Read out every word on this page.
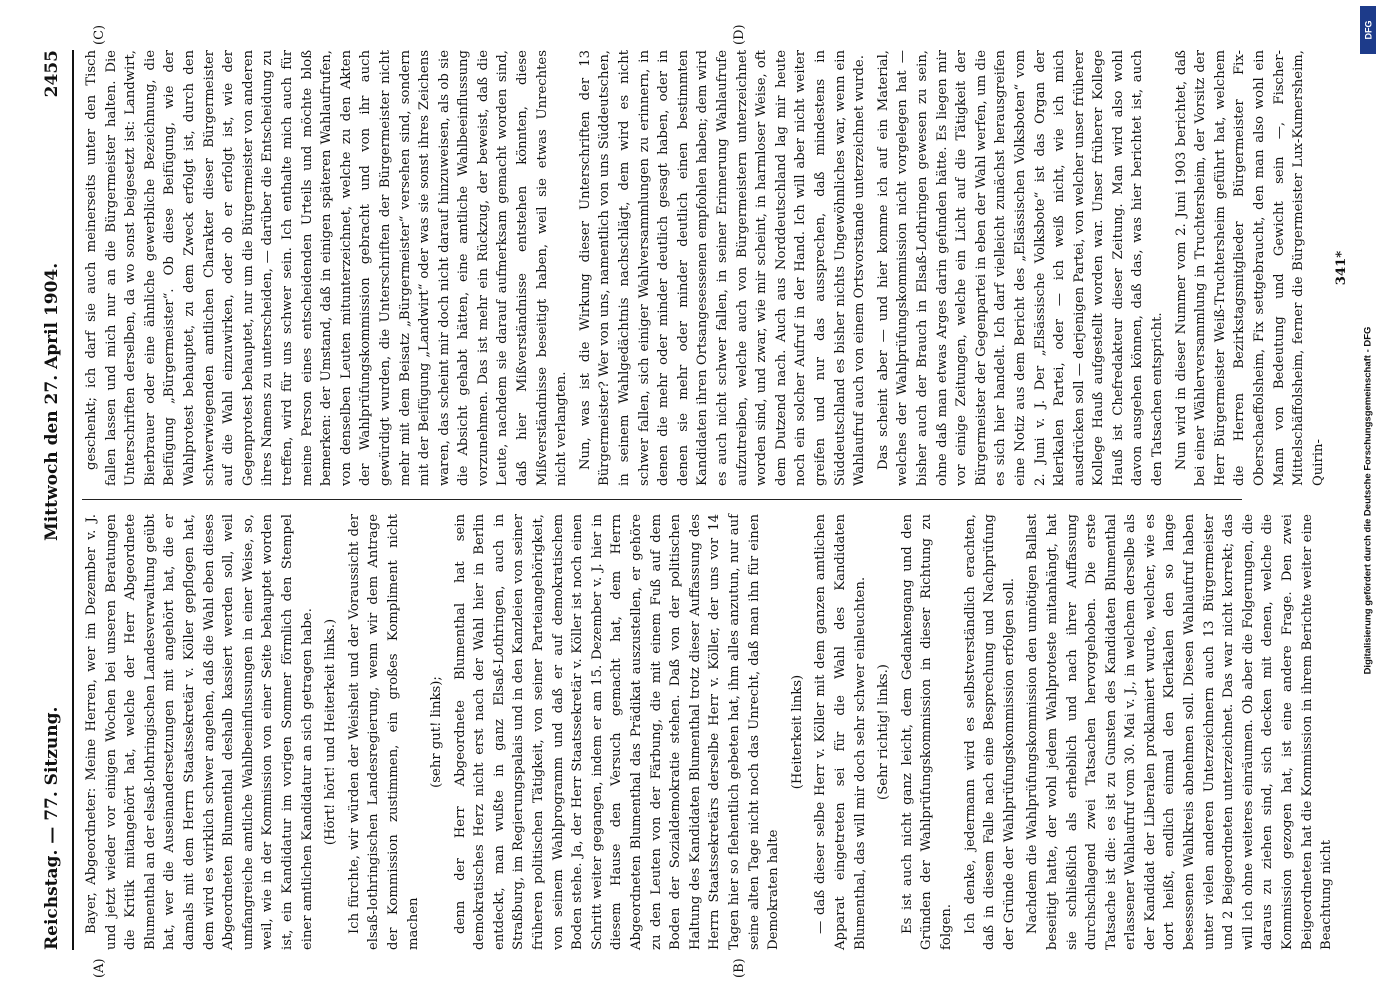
Reichstag. — 77. Sitzung.
Mittwoch den 27. April 1904.
2455

Bayer, Abgeordneter: Meine Herren, wer im Dezember v. J. und jetzt wieder vor einigen Wochen bei unseren Beratungen die Kritik mitangehört hat, welche der Herr Abgeordnete Blumenthal an der elsaß-lothringischen Landesverwaltung geübt hat, wer die Auseinandersetzungen mit angehört hat, die er damals mit dem Herrn Staatssekretär v. Köller gepflogen hat, dem wird es wirklich schwer angehen, daß die Wahl eben dieses Abgeordneten Blumenthal deshalb kassiert werden soll, weil umfangreiche amtliche Wahlbeeinflussungen in einer Weise, so, weil, wie in der Kommission von einer Seite behauptet worden ist, ein Kandidatur im vorigen Sommer förmlich den Stempel einer amtlichen Kandidatur an sich getragen habe. (Hört! hört! und Heiterkeit links.) Ich fürchte, wir würden der Weisheit und der Voraussicht der elsaß-lothringischen Landesregierung, wenn wir dem Antrage der Kommission zustimmen, ein großes Kompliment nicht machen

(sehr gut! links); denn der Herr Abgeordnete Blumenthal hat sein demokratisches Herz nicht erst nach der Wahl hier in Berlin entdeckt, man wußte in ganz Elsaß-Lothringen, auch in Straßburg, im Regierungspalais und in den Kanzleien von seiner früheren politischen Tätigkeit, von seiner Parteiangehörigkeit, von seinem Wahlprogramm und daß er auf demokratischem Boden stehe. Ja, der Herr Staatssekretär v. Köller ist noch einen Schritt weiter gegangen, indem er am 15. Dezember v. J. hier in diesem Hause den Versuch gemacht hat, dem Herrn Abgeordneten Blumenthal das Prädikat auszustellen, er gehöre zu den Leuten von der Färbung, die mit einem Fuß auf dem Boden der Sozialdemokratie stehen. Daß von der politischen Haltung des Kandidaten Blumenthal trotz dieser Auffassung des Herrn Staatssekretärs derselbe Herr v. Köller, der uns vor 14 Tagen hier so flehentlich gebeten hat, ihm alles anzutun, nur auf seine alten Tage nicht noch das Unrecht, daß man ihn für einen Demokraten halte

(Heiterkeit links) — daß dieser selbe Herr v. Köller mit dem ganzen amtlichen Apparat eingetreten sei für die Wahl des Kandidaten Blumenthal, das will mir doch sehr schwer einleuchten. (Sehr richtig! links.) Es ist auch nicht ganz leicht, dem Gedankengang und den Gründen der Wahlprüfungskommission in dieser Richtung zu folgen. Ich denke, jedermann wird es selbstverständlich erachten, daß in diesem Falle nach eine Besprechung und Nachprüfung der Gründe der Wahlprüfungskommission erfolgen soll. Nachdem die Wahlprüfungskommission den unnötigen Ballast beseitigt hatte, der wohl jedem Wahlproteste mitanhängt, hat sie schließlich als erheblich und nach ihrer Auffassung durchschlagend zwei Tatsachen hervorgehoben. Die erste Tatsache ist die: es ist zu Gunsten des Kandidaten Blumenthal erlassener Wahlaufruf vom 30. Mai v. J., in welchem derselbe als der Kandidat der Liberalen proklamiert wurde, welcher, wie es dort heißt, endlich einmal den Klerikalen den so lange besessenen Wahlkreis abnehmen soll. Diesen Wahlaufruf haben unter vielen anderen Unterzeichnern auch 13 Bürgermeister und 2 Beigeordneten unterzeichnet. Das war nicht korrekt; das will ich ohne weiteres einräumen. Ob aber die Folgerungen, die daraus zu ziehen sind, sich decken mit denen, welche die Kommission gezogen hat, ist eine andere Frage. Den zwei Beigeordneten hat die Kommission in ihrem Berichte weiter eine Beachtung nicht

geschenkt; ich darf sie auch meinerseits unter den Tisch fallen lassen und mich nur an die Bürgermeister halten. Die Unterschriften derselben, da wo sonst beigesetzt ist: Landwirt, Bierbrauer oder eine ähnliche gewerbliche Bezeichnung, die Beifügung „Bürgermeister“. Ob diese Beifügung, wie der Wahlprotest behauptet, zu dem Zweck erfolgt ist, durch den schwerwiegenden amtlichen Charakter dieser Bürgermeister auf die Wahl einzuwirken, oder ob er erfolgt ist, wie der Gegenprotest behauptet, nur um die Bürgermeister von anderen ihres Namens zu unterscheiden, — darüber die Entscheidung zu treffen, wird für uns schwer sein. Ich enthalte mich auch für meine Person eines entscheidenden Urteils und möchte bloß bemerken: der Umstand, daß in einigen späteren Wahlaufrufen, von denselben Leuten mitunterzeichnet, welche zu den Akten der Wahlprüfungskommission gebracht und von ihr auch gewürdigt wurden, die Unterschriften der Bürgermeister nicht mehr mit dem Beisatz „Bürgermeister“ versehen sind, sondern mit der Beifügung „Landwirt“ oder was sie sonst ihres Zeichens waren, das scheint mir doch nicht darauf hinzuweisen, als ob sie die Absicht gehabt hätten, eine amtliche Wahlbeeinflussung vorzunehmen. Das ist mehr ein Rückzug, der beweist, daß die Leute, nachdem sie darauf aufmerksam gemacht worden sind, daß hier Mißverständnisse entstehen könnten, diese Mißverständnisse beseitigt haben, weil sie etwas Unrechtes nicht verlangten. Nun, was ist die Wirkung dieser Unterschriften der 13 Bürgermeister? Wer von uns, namentlich von uns Süddeutschen, in seinem Wahlgedächtnis nachschlägt, dem wird es nicht schwer fallen, sich einiger Wahlversammlungen zu erinnern, in denen die mehr oder minder deutlich gesagt haben, oder in denen sie mehr oder minder deutlich einen bestimmten Kandidaten ihren Ortsangesessenen empfohlen haben; dem wird es auch nicht schwer fallen, in seiner Erinnerung Wahlaufrufe aufzutreiben, welche auch von Bürgermeistern unterzeichnet worden sind, und zwar, wie mir scheint, in harmloser Weise, oft dem Dutzend nach. Auch aus Norddeutschland lag mir heute noch ein solcher Aufruf in der Hand. Ich will aber nicht weiter greifen und nur das aussprechen, daß mindestens in Süddeutschland es bisher nichts Ungewöhnliches war, wenn ein Wahlaufruf auch von einem Ortsvorstande unterzeichnet wurde. Das scheint aber — und hier komme ich auf ein Material, welches der Wahlprüfungskommission nicht vorgelegen hat — bisher auch der Brauch in Elsaß-Lothringen gewesen zu sein, ohne daß man etwas Arges darin gefunden hätte. Es liegen mir vor einige Zeitungen, welche ein Licht auf die Tätigkeit der Bürgermeister der Gegenpartei in eben der Wahl werfen, um die es sich hier handelt. Ich darf vielleicht zunächst herausgreifen eine Notiz aus dem Bericht des „Elsässischen Volksboten“ vom 2. Juni v. J. Der „Elsässische Volksbote“ ist das Organ der klerikalen Partei, oder — ich weiß nicht, wie ich mich ausdrücken soll — derjenigen Partei, von welcher unser früherer Kollege Hauß aufgestellt worden war. Unser früherer Kollege Hauß ist Chefredakteur dieser Zeitung. Man wird also wohl davon ausgehen können, daß das, was hier berichtet ist, auch den Tatsachen entspricht. Nun wird in dieser Nummer vom 2. Juni 1903 berichtet, daß bei einer Wählerversammlung in Truchtersheim, der Vorsitz der Herr Bürgermeister Weiß-Truchtersheim geführt hat, welchem die Herren Bezirkstagsmitglieder Bürgermeister Fix-Oberschaeffolsheim, Fix settgebraucht, den man also wohl ein Mann von Bedeutung und Gewicht sein —, Fischer-Mittelschäffolsheim, ferner die Bürgermeister Lux-Kumersheim, Quirin-

341*

(A)	(B)
(C)	(D)	DFG
Digitalisierung gefördert durch die Deutsche Forschungsgemeinschaft - DFG
